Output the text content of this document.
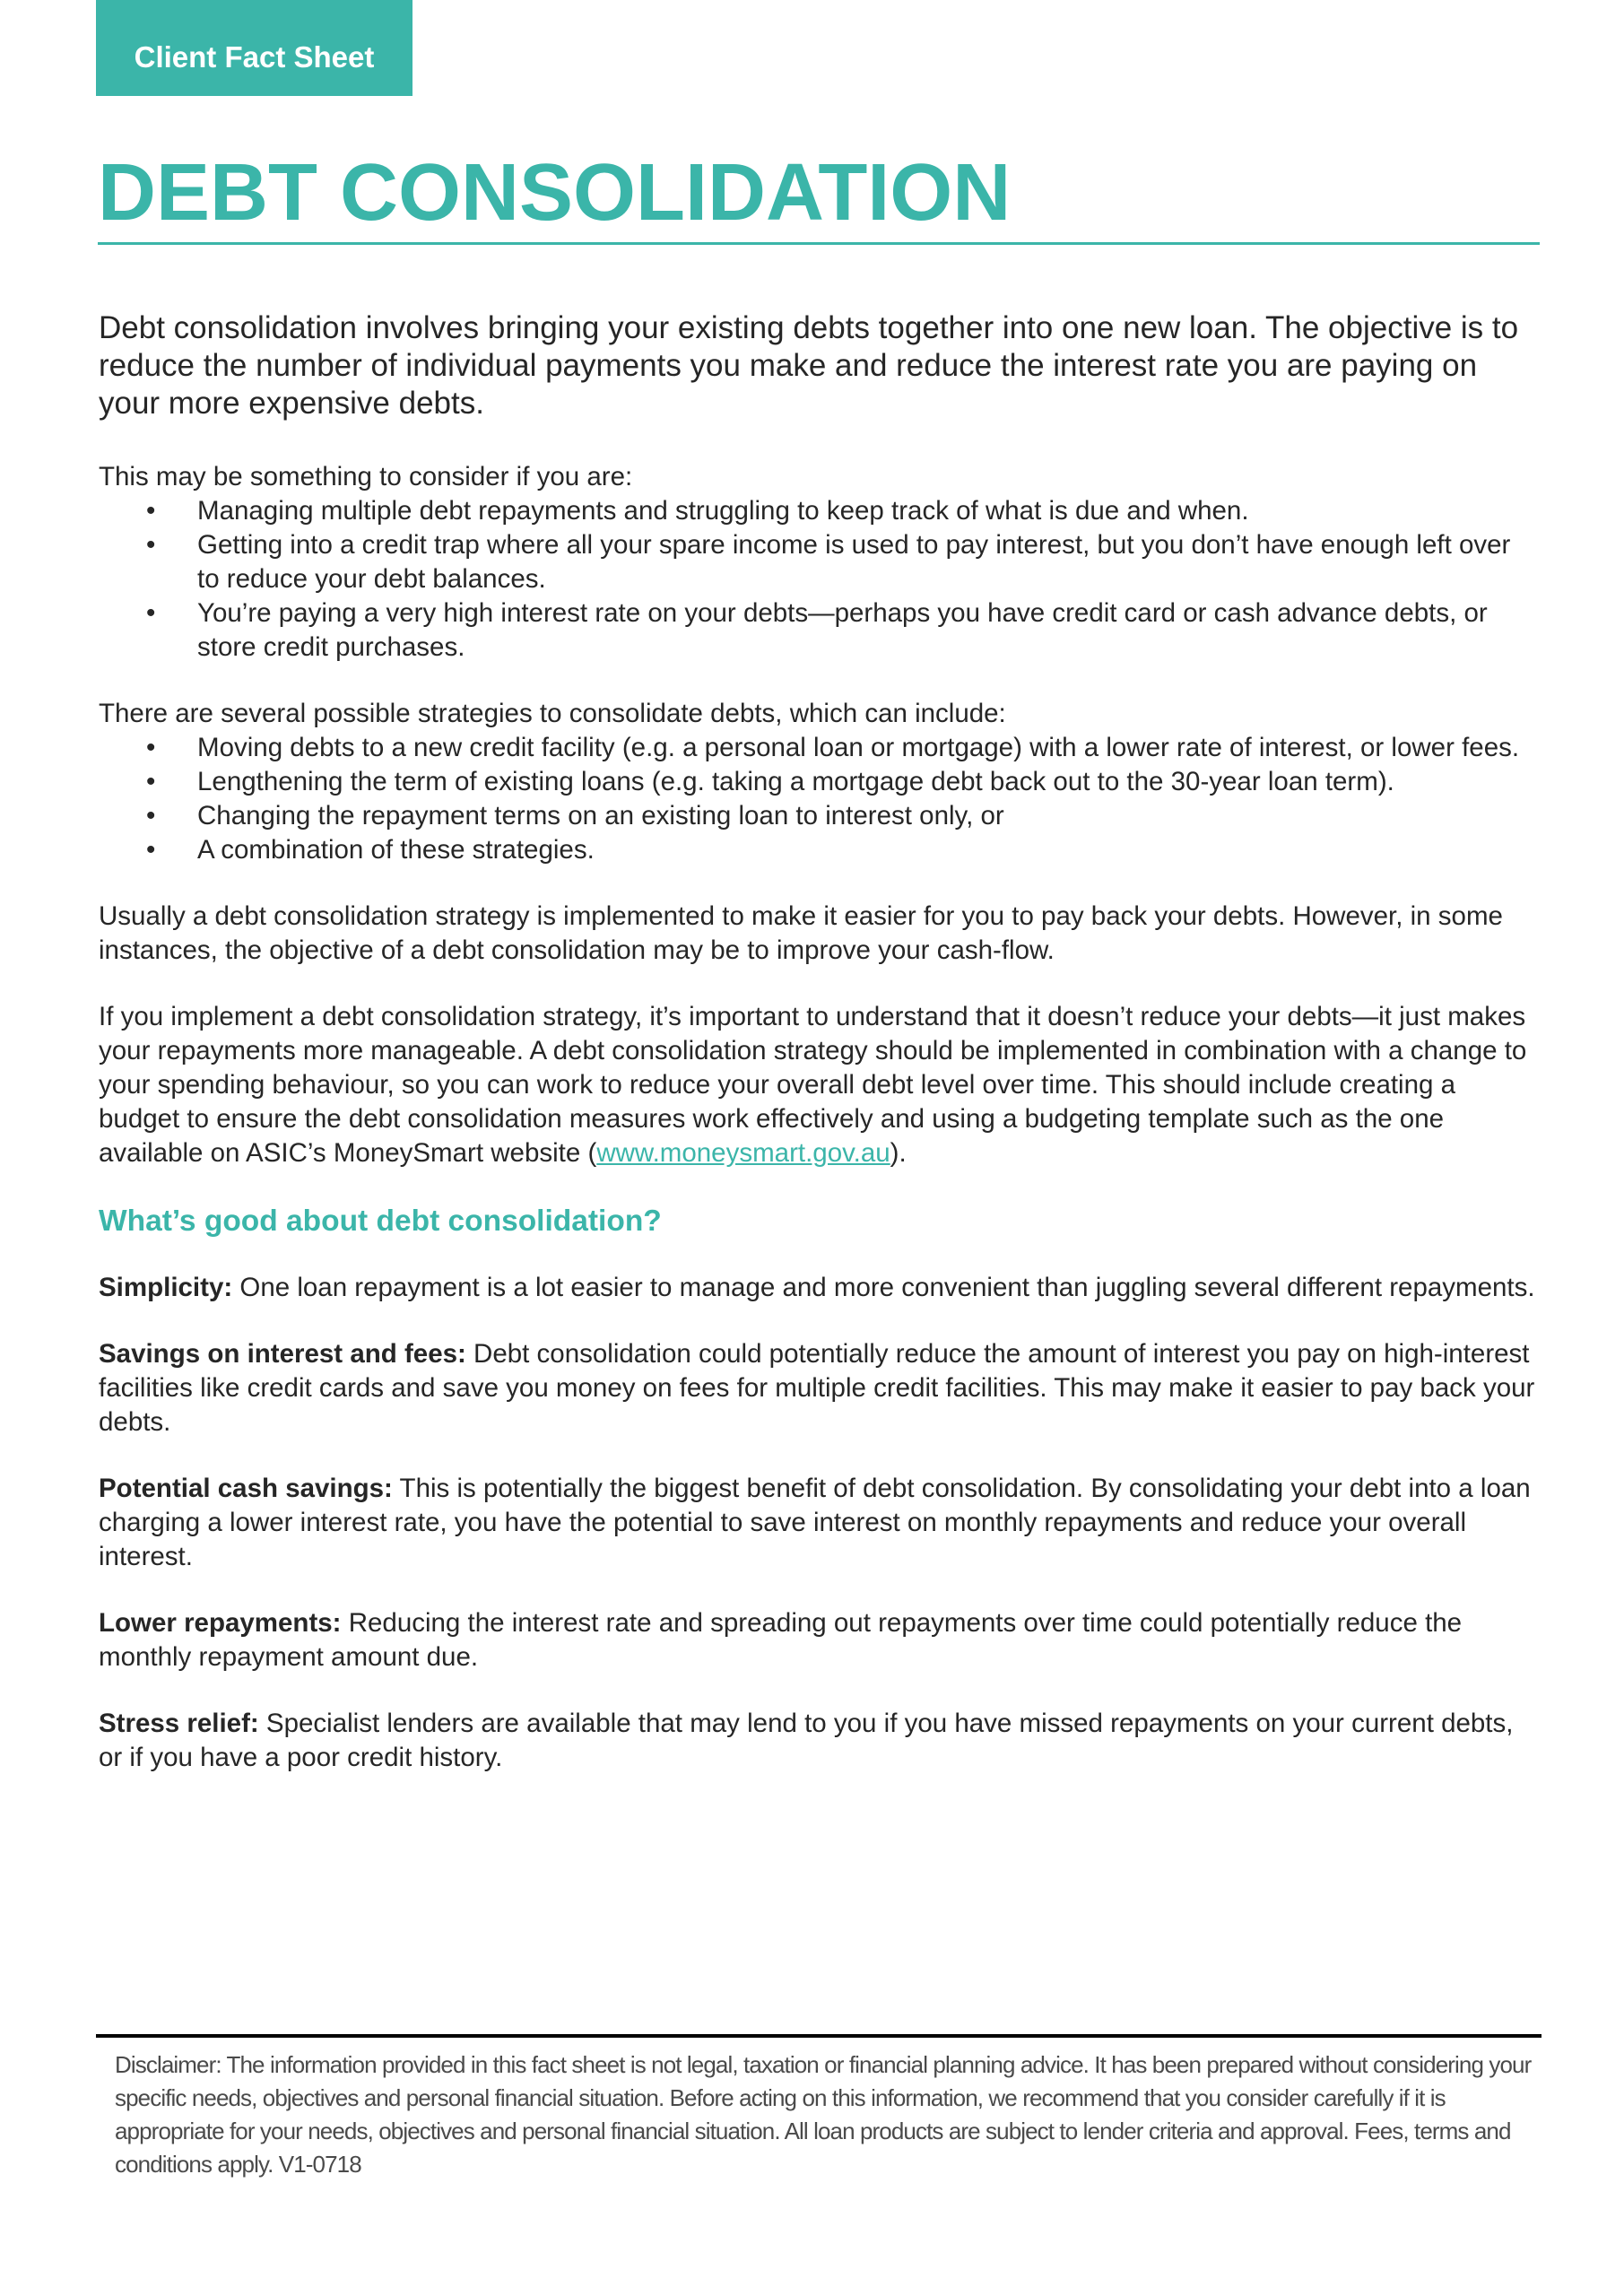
Client Fact Sheet
DEBT CONSOLIDATION

Debt consolidation involves bringing your existing debts together into one new loan. The objective is to reduce the number of individual payments you make and reduce the interest rate you are paying on your more expensive debts.

This may be something to consider if you are:

• Managing multiple debt repayments and struggling to keep track of what is due and when.
• Getting into a credit trap where all your spare income is used to pay interest, but you don’t have enough left over to reduce your debt balances.
• You’re paying a very high interest rate on your debts—perhaps you have credit card or cash advance debts, or store credit purchases.

There are several possible strategies to consolidate debts, which can include:

• Moving debts to a new credit facility (e.g. a personal loan or mortgage) with a lower rate of interest, or lower fees.
• Lengthening the term of existing loans (e.g. taking a mortgage debt back out to the 30-year loan term).
• Changing the repayment terms on an existing loan to interest only, or
• A combination of these strategies.

Usually a debt consolidation strategy is implemented to make it easier for you to pay back your debts. However, in some instances, the objective of a debt consolidation may be to improve your cash-flow.

If you implement a debt consolidation strategy, it’s important to understand that it doesn’t reduce your debts—it just makes your repayments more manageable. A debt consolidation strategy should be implemented in combination with a change to your spending behaviour, so you can work to reduce your overall debt level over time. This should include creating a budget to ensure the debt consolidation measures work effectively and using a budgeting template such as the one available on ASIC’s MoneySmart website (www.moneysmart.gov.au).

What’s good about debt consolidation?

Simplicity: One loan repayment is a lot easier to manage and more convenient than juggling several different repayments.

Savings on interest and fees: Debt consolidation could potentially reduce the amount of interest you pay on high-interest facilities like credit cards and save you money on fees for multiple credit facilities. This may make it easier to pay back your debts.

Potential cash savings: This is potentially the biggest benefit of debt consolidation. By consolidating your debt into a loan charging a lower interest rate, you have the potential to save interest on monthly repayments and reduce your overall interest.

Lower repayments: Reducing the interest rate and spreading out repayments over time could potentially reduce the monthly repayment amount due.

Stress relief: Specialist lenders are available that may lend to you if you have missed repayments on your current debts, or if you have a poor credit history.

Disclaimer: The information provided in this fact sheet is not legal, taxation or financial planning advice. It has been prepared without considering your specific needs, objectives and personal financial situation. Before acting on this information, we recommend that you consider carefully if it is appropriate for your needs, objectives and personal financial situation. All loan products are subject to lender criteria and approval. Fees, terms and conditions apply. V1-0718
